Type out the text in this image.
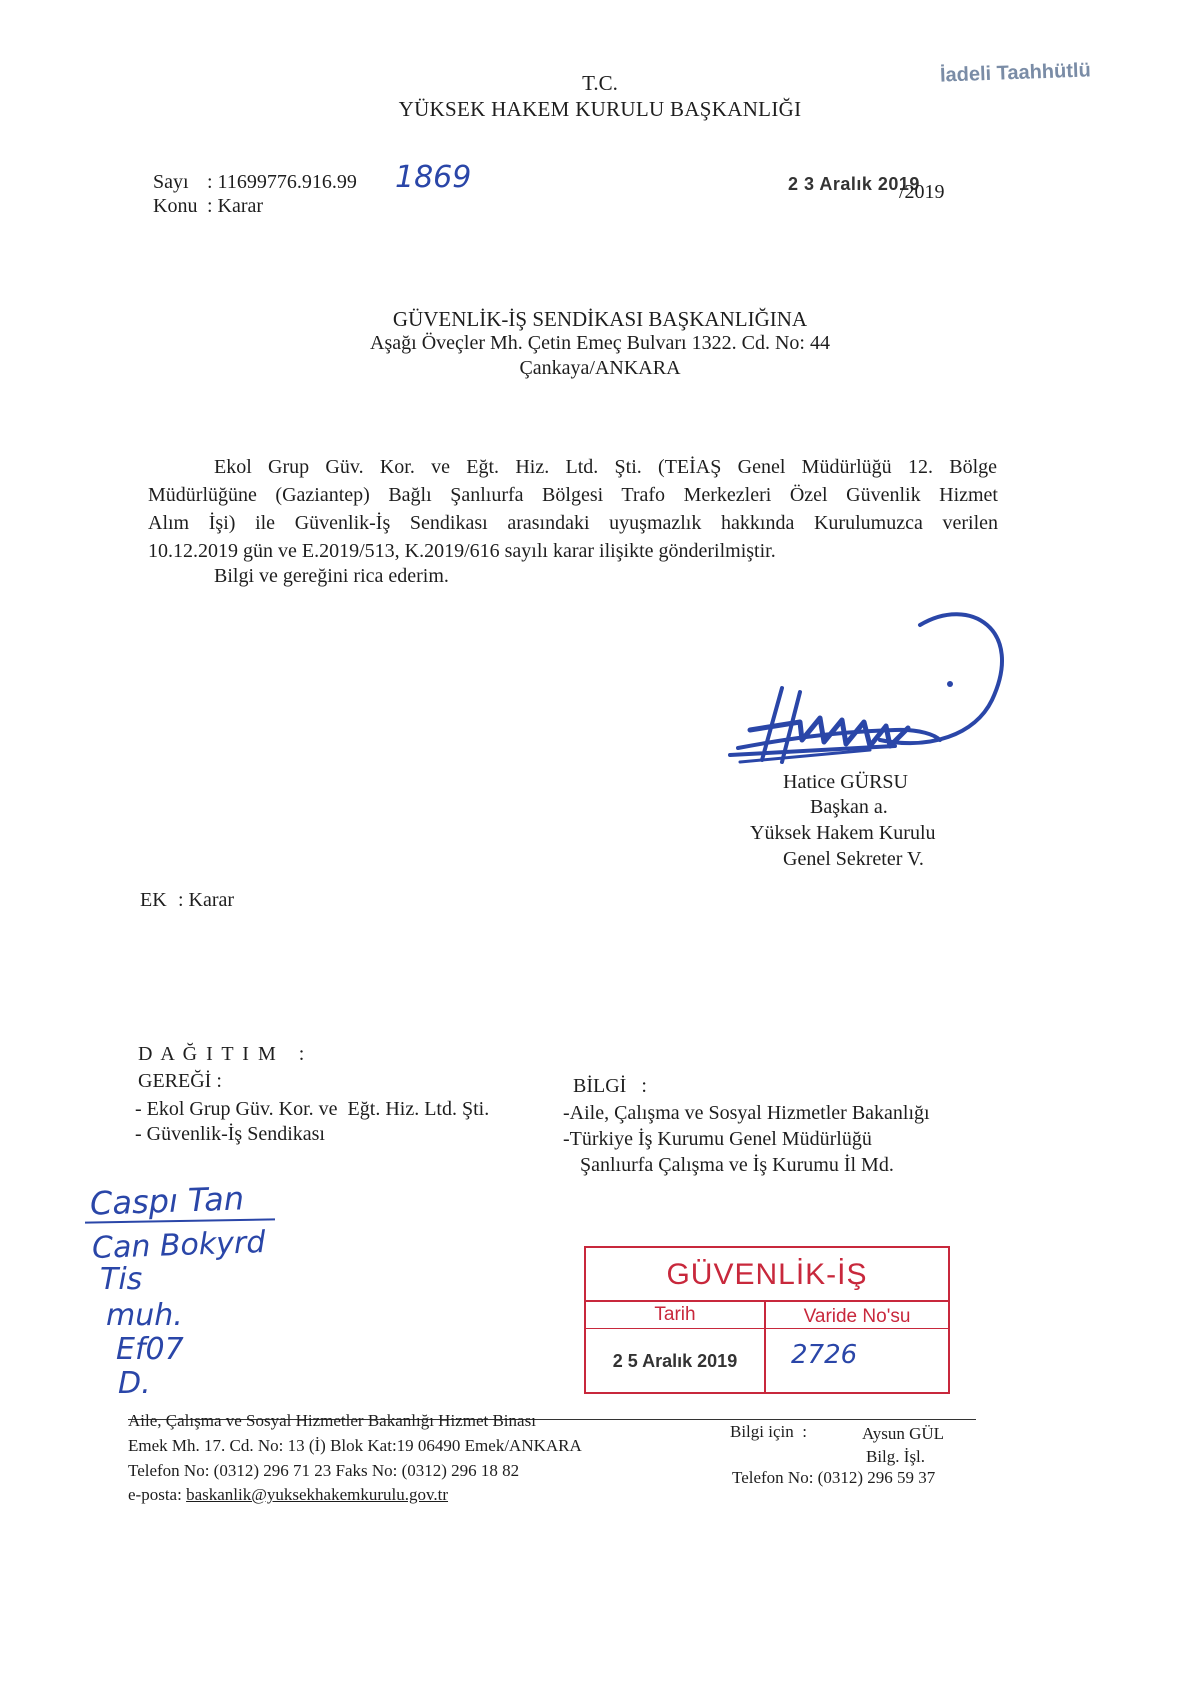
T.C.
YÜKSEK HAKEM KURULU BAŞKANLIĞI
İadeli Taahhütlü
Sayı : 11699776.916.99 1869
Konu : Karar
2 3 Aralık 2019
/2019
GÜVENLİK-İŞ SENDİKASI BAŞKANLIĞINA
Aşağı Öveçler Mh. Çetin Emeç Bulvarı 1322. Cd. No: 44
Çankaya/ANKARA
Ekol Grup Güv. Kor. ve Eğt. Hiz. Ltd. Şti. (TEİAŞ Genel Müdürlüğü 12. Bölge
Müdürlüğüne (Gaziantep) Bağlı Şanlıurfa Bölgesi Trafo Merkezleri Özel Güvenlik Hizmet
Alım İşi) ile Güvenlik-İş Sendikası arasındaki uyuşmazlık hakkında Kurulumuzca verilen
10.12.2019 gün ve E.2019/513, K.2019/616 sayılı karar ilişikte gönderilmiştir.
Bilgi ve gereğini rica ederim.
Hatice GÜRSU
Başkan a.
Yüksek Hakem Kurulu
Genel Sekreter V.
EK : Karar
D A Ğ I T I M   :
GEREĞİ :
- Ekol Grup Güv. Kor. ve  Eğt. Hiz. Ltd. Şti.
- Güvenlik-İş Sendikası
BİLGİ   :
-Aile, Çalışma ve Sosyal Hizmetler Bakanlığı
-Türkiye İş Kurumu Genel Müdürlüğü
Şanlıurfa Çalışma ve İş Kurumu İl Md.
Caspı Tan
Can Bokyrd
Tis
muh.
Ef07
D.
GÜVENLİK-İŞ
Tarih	Varide No'su
2 5 Aralık 2019	2726
Aile, Çalışma ve Sosyal Hizmetler Bakanlığı Hizmet Binası
Emek Mh. 17. Cd. No: 13 (İ) Blok Kat:19 06490 Emek/ANKARA
Telefon No: (0312) 296 71 23 Faks No: (0312) 296 18 82
e-posta: baskanlik@yuksekhakemkurulu.gov.tr
Bilgi için  :	Aysun GÜL
Bilg. İşl.
Telefon No: (0312) 296 59 37
